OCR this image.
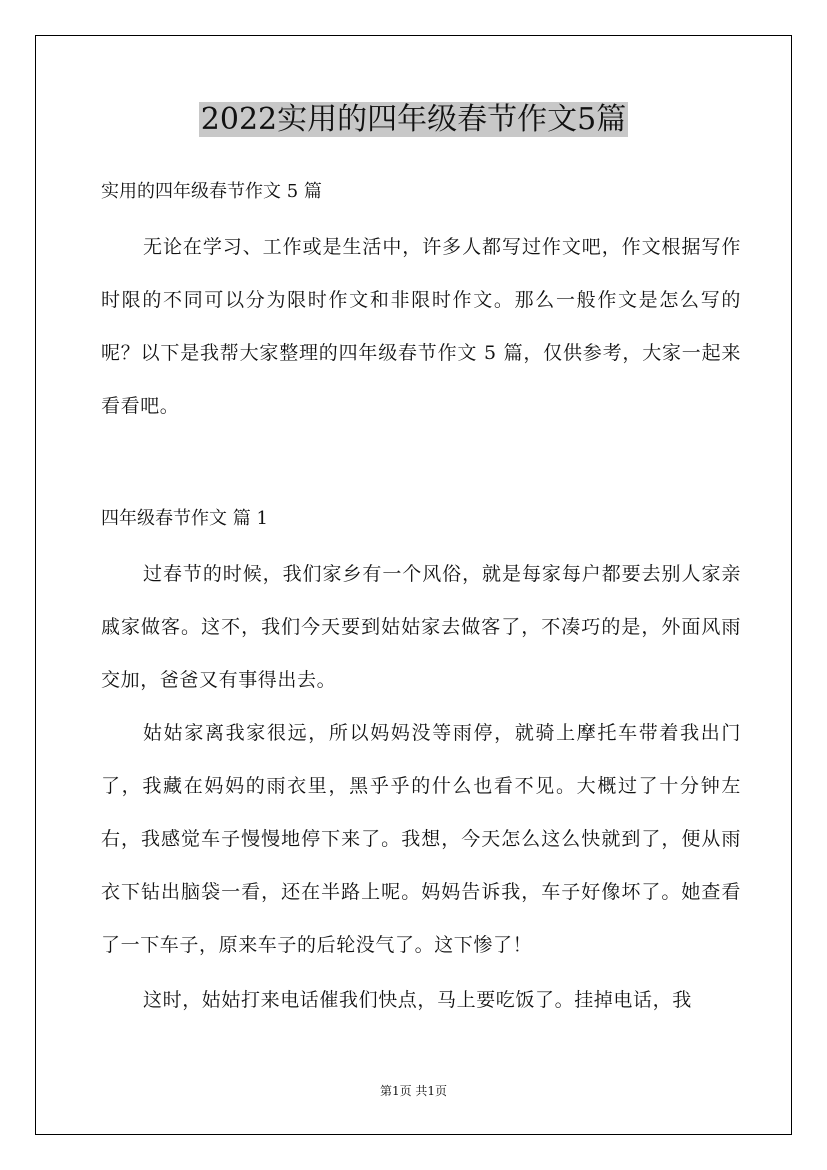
2022实用的四年级春节作文5篇
实用的四年级春节作文 5 篇
无论在学习、工作或是生活中，许多人都写过作文吧，作文根据写作时限的不同可以分为限时作文和非限时作文。那么一般作文是怎么写的呢？以下是我帮大家整理的四年级春节作文 5 篇，仅供参考，大家一起来看看吧。
四年级春节作文 篇 1
过春节的时候，我们家乡有一个风俗，就是每家每户都要去别人家亲戚家做客。这不，我们今天要到姑姑家去做客了，不凑巧的是，外面风雨交加，爸爸又有事得出去。
姑姑家离我家很远，所以妈妈没等雨停，就骑上摩托车带着我出门了，我藏在妈妈的雨衣里，黑乎乎的什么也看不见。大概过了十分钟左右，我感觉车子慢慢地停下来了。我想，今天怎么这么快就到了，便从雨衣下钻出脑袋一看，还在半路上呢。妈妈告诉我，车子好像坏了。她查看了一下车子，原来车子的后轮没气了。这下惨了！
这时，姑姑打来电话催我们快点，马上要吃饭了。挂掉电话，我
第1页 共1页
